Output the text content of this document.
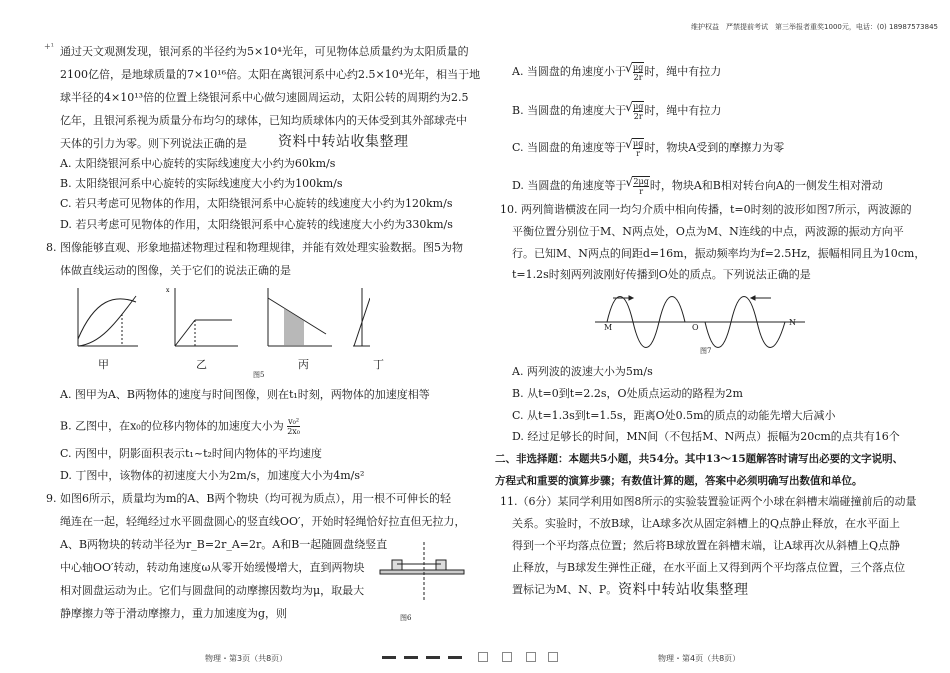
维护权益　严禁提前考试　第三举报者重奖1000元，电话：(0) 18987573845
+¹ 通过天文观测发现，银河系的半径约为5×10⁴光年，可见物体总质量约为太阳质量的
2100亿倍，是地球质量的7×10¹⁶倍。太阳在离银河系中心约2.5×10⁴光年，相当于地
球半径的4×10¹³倍的位置上绕银河系中心做匀速圆周运动，太阳公转的周期约为2.5
亿年，且银河系视为质量分布均匀的球体，已知均质球体内的天体受到其外部球壳中
天体的引力为零。则下列说法正确的是
A. 太阳绕银河系中心旋转的实际线速度大小约为60km/s
B. 太阳绕银河系中心旋转的实际线速度大小约为100km/s
C. 若只考虑可见物体的作用，太阳绕银河系中心旋转的线速度大小约为120km/s
D. 若只考虑可见物体的作用，太阳绕银河系中心旋转的线速度大小约为330km/s
8. 图像能够直观、形象地描述物理过程和物理规律，并能有效处理实验数据。图5为物
体做直线运动的图像，关于它们的说法正确的是
A. 图甲为A、B两物体的速度与时间图像，则在t₁时刻，两物体的加速度相等
C. 丙图中，阴影面积表示t₁~t₂时间内物体的平均速度
D. 丁图中，该物体的初速度大小为2m/s，加速度大小为4m/s²
9. 如图6所示，质量均为m的A、B两个物块（均可视为质点），用一根不可伸长的轻
绳连在一起，轻绳经过水平圆盘圆心的竖直线OO′，开始时轻绳恰好拉直但无拉力，
A、B两物块的转动半径为r_B=2r_A=2r。A和B一起随圆盘绕竖直
中心轴OO′转动，转动角速度ω从零开始缓慢增大，直到两物块
相对圆盘运动为止。它们与圆盘间的动摩擦因数均为μ，取最大
静摩擦力等于滑动摩擦力，重力加速度为g，则
10. 两列简谐横波在同一均匀介质中相向传播，t=0时刻的波形如图7所示，两波源的
平衡位置分别位于M、N两点处，O点为M、N连线的中点，两波源的振动方向平
行。已知M、N两点的间距d=16m，振动频率均为f=2.5Hz，振幅相同且为10cm，
t=1.2s时刻两列波刚好传播到O处的质点。下列说法正确的是
A. 两列波的波速大小为5m/s
B. 从t=0到t=2.2s，O处质点运动的路程为2m
C. 从t=1.3s到t=1.5s，距离O处0.5m的质点的动能先增大后减小
D. 经过足够长的时间，MN间（不包括M、N两点）振幅为20cm的点共有16个
11.（6分）某同学利用如图8所示的实验装置验证两个小球在斜槽末端碰撞前后的动量
关系。实验时，不放B球，让A球多次从固定斜槽上的Q点静止释放，在水平面上
得到一个平均落点位置；然后将B球放置在斜槽末端，让A球再次从斜槽上Q点静
止释放，与B球发生弹性正碰，在水平面上又得到两个平均落点位置，三个落点位
置标记为M、N、P。
B. 乙图中，在x₀的位移内物体的加速度大小为 $\frac{\text{v₀²}}{\text{2x₀}}$
资料中转站收集整理
资料中转站收集整理
x
甲	乙	丙	丁
图5
图6
M	O
N
图7
A. 当圆盘的角速度小于 √ $\frac{\mu g}{2r}$ 时，绳中有拉力
B. 当圆盘的角速度大于 √ $\frac{\mu g}{2r}$ 时，绳中有拉力
C. 当圆盘的角速度等于 √ $\frac{\mu g}{r}$ 时，物块A受到的摩擦力为零
D. 当圆盘的角速度等于 √ $\frac{2\mu g}{r}$ 时，物块A和B相对转台向A的一侧发生相对滑动
二、非选择题：本题共5小题，共54分。其中13～15题解答时请写出必要的文字说明、
方程式和重要的演算步骤；有数值计算的题，答案中必须明确写出数值和单位。
物理・第3页（共8页）	物理・第4页（共8页）
